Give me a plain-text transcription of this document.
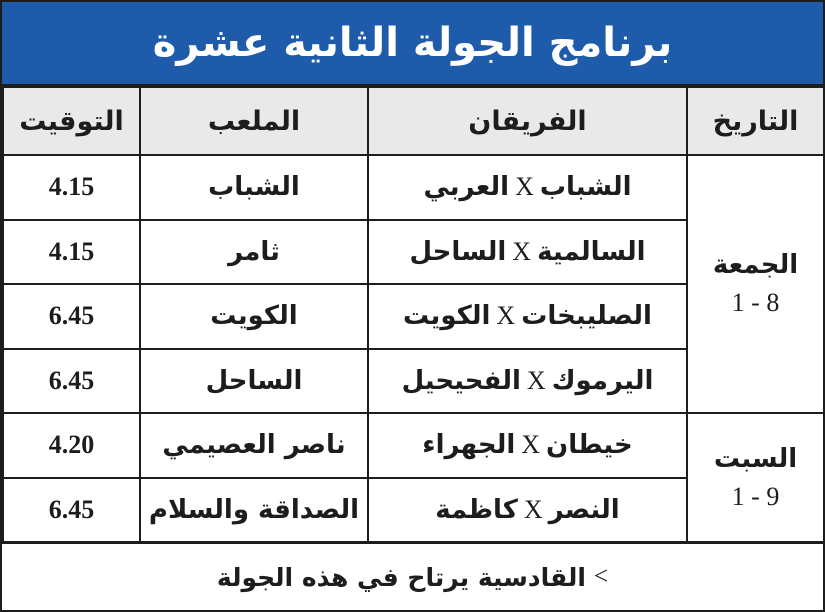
برنامج الجولة الثانية عشرة
التاريخ	الفريقان	الملعب	التوقيت

الجمعة
1 - 8	الشبابXالعربي	الشباب	4.15
	السالميةXالساحل	ثامر	4.15
	الصليبخاتXالكويت	الكويت	6.45
	اليرموكXالفحيحيل	الساحل	6.45

السبت
1 - 9	خيطانXالجهراء	ناصر العصيمي	4.20
	النصرXكاظمة	الصداقة والسلام	6.45
>
القادسية يرتاح في هذه الجولة
